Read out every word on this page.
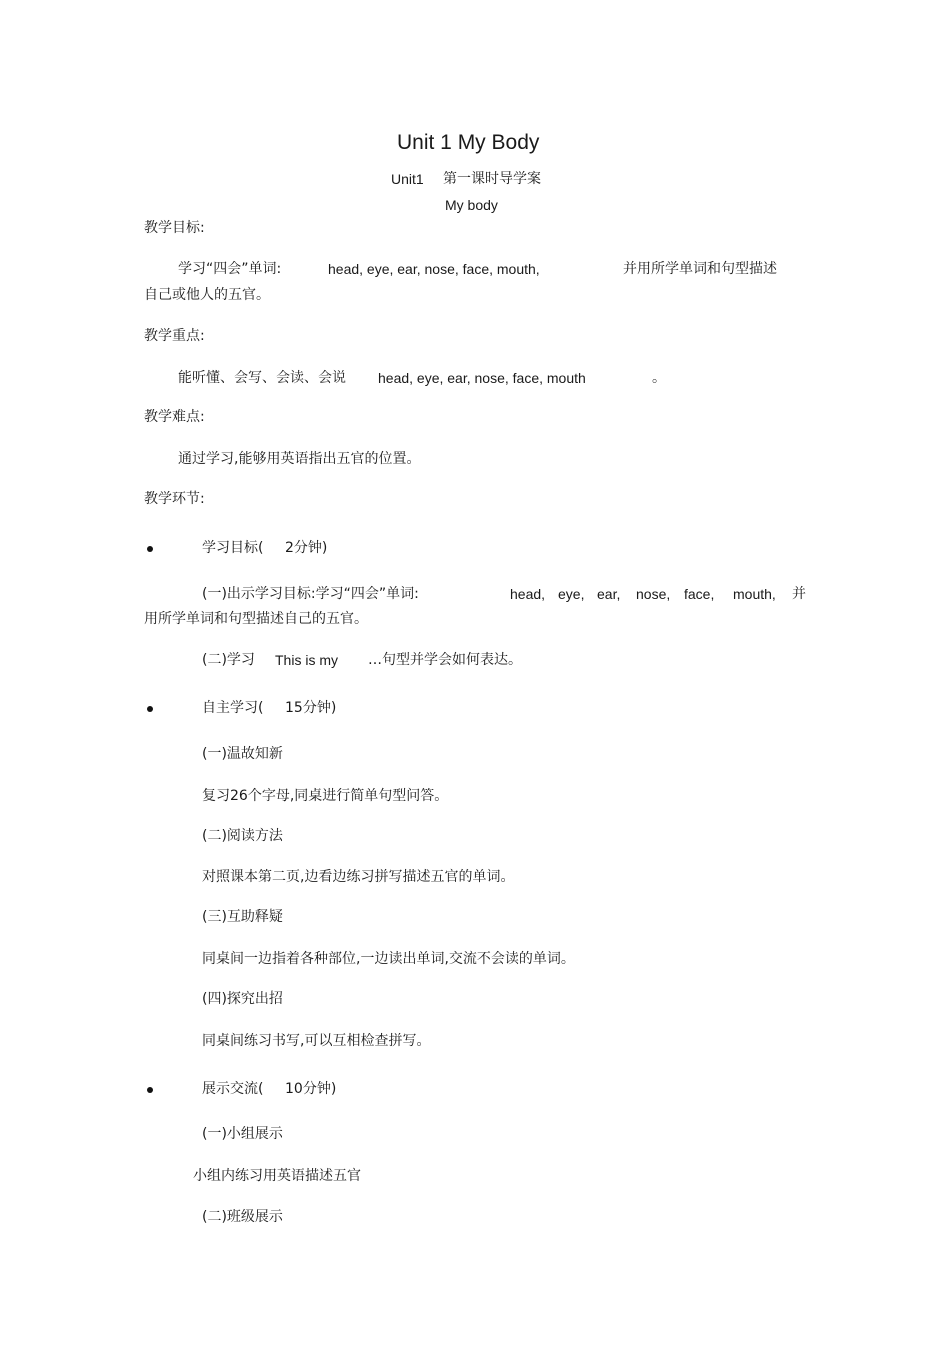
Unit 1 My Body
Unit1 第一课时导学案
My body
教学目标:
学习“四会”单词:	head, eye, ear, nose, face, mouth,	并用所学单词和句型描述
自己或他人的五官。
教学重点:
能听懂、会写、会读、会说 head, eye, ear, nose, face, mouth	。
教学难点:
通过学习,能够用英语指出五官的位置。
教学环节:
学习目标( 2分钟)
(一)出示学习目标:学习“四会”单词:	head, eye, ear, nose, face, mouth, 并
用所学单词和句型描述自己的五官。
(二)学习 This is my …句型并学会如何表达。
自主学习( 15分钟)
(一)温故知新
复习26个字母,同桌进行简单句型问答。
(二)阅读方法
对照课本第二页,边看边练习拼写描述五官的单词。
(三)互助释疑
同桌间一边指着各种部位,一边读出单词,交流不会读的单词。
(四)探究出招
同桌间练习书写,可以互相检查拼写。
展示交流( 10分钟)
(一)小组展示
小组内练习用英语描述五官
(二)班级展示
